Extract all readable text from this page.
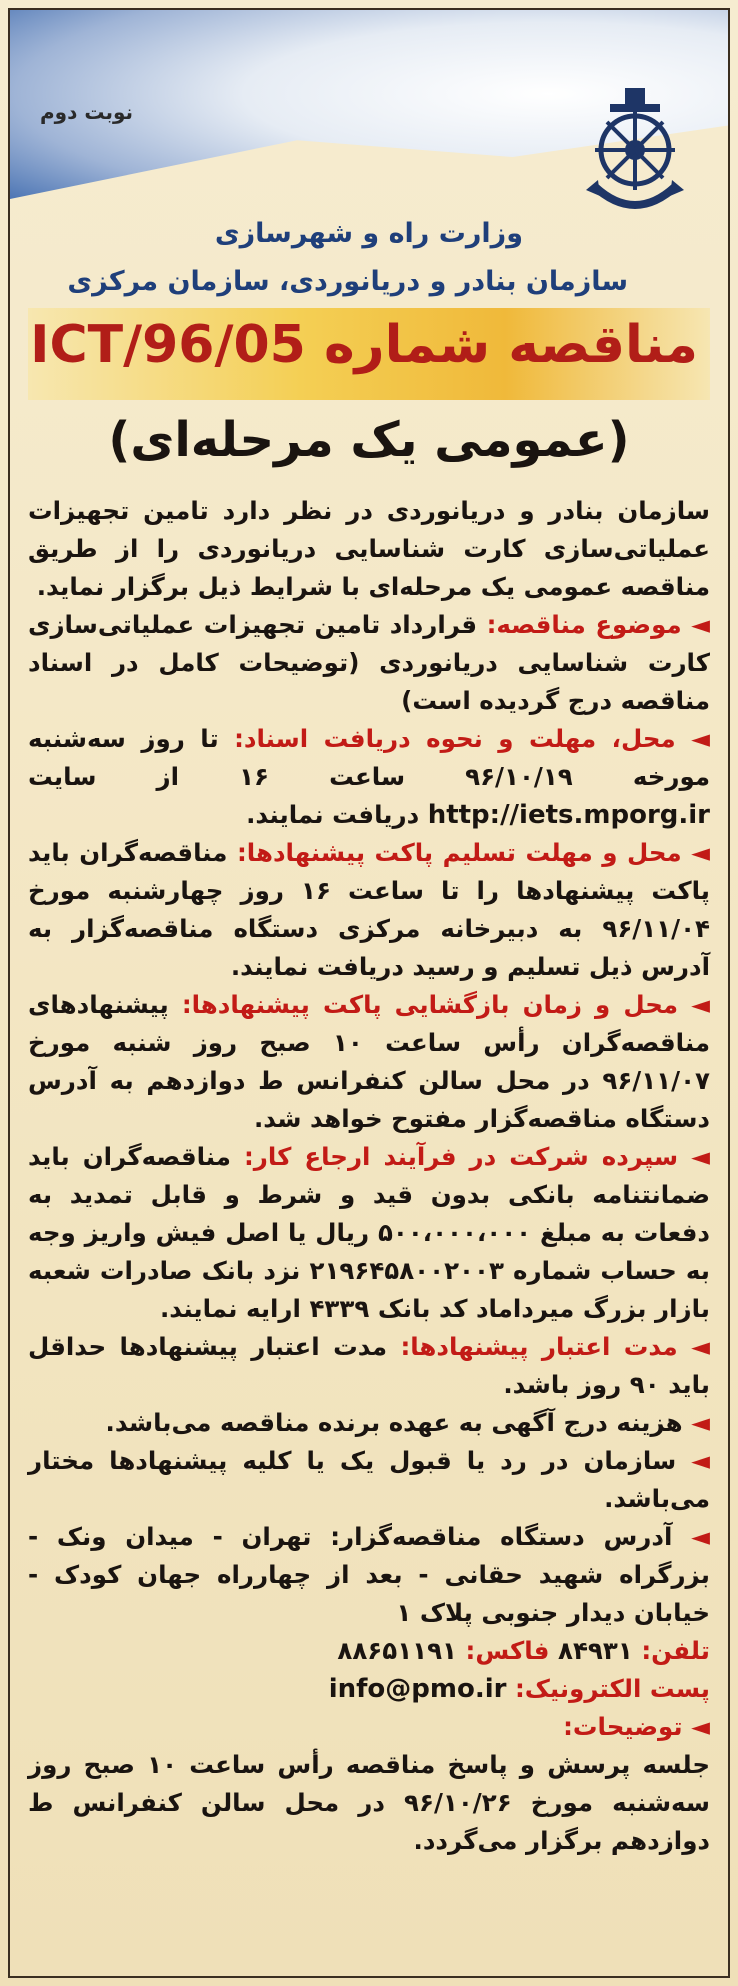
نوبت دوم
وزارت راه و شهرسازی
سازمان بنادر و دریانوردی، سازمان مرکزی
مناقصه شماره ICT/96/05
(عمومی یک مرحله‌ای)

سازمان بنادر و دریانوردی در نظر دارد تامین تجهیزات عملیاتی‌سازی کارت شناسایی دریانوردی را از طریق مناقصه عمومی یک مرحله‌ای با شرایط ذیل برگزار نماید.

◄ موضوع مناقصه: قرارداد تامین تجهیزات عملیاتی‌سازی کارت شناسایی دریانوردی (توضیحات کامل در اسناد مناقصه درج گردیده است)

◄ محل، مهلت و نحوه دریافت اسناد: تا روز سه‌شنبه مورخه ۹۶/۱۰/۱۹ ساعت ۱۶ از سایت http://iets.mporg.ir دریافت نمایند.

◄ محل و مهلت تسلیم پاکت پیشنهادها: مناقصه‌گران باید پاکت پیشنهادها را تا ساعت ۱۶ روز چهارشنبه مورخ ۹۶/۱۱/۰۴ به دبیرخانه مرکزی دستگاه مناقصه‌گزار به آدرس ذیل تسلیم و رسید دریافت نمایند.

◄ محل و زمان بازگشایی پاکت پیشنهادها: پیشنهادهای مناقصه‌گران رأس ساعت ۱۰ صبح روز شنبه مورخ ۹۶/۱۱/۰۷ در محل سالن کنفرانس ط دوازدهم به آدرس دستگاه مناقصه‌گزار مفتوح خواهد شد.

◄ سپرده شرکت در فرآیند ارجاع کار: مناقصه‌گران باید ضمانتنامه بانکی بدون قید و شرط و قابل تمدید به دفعات به مبلغ ۵۰۰،۰۰۰،۰۰۰ ریال یا اصل فیش واریز وجه به حساب شماره ۲۱۹۶۴۵۸۰۰۲۰۰۳ نزد بانک صادرات شعبه بازار بزرگ میرداماد کد بانک ۴۳۳۹ ارایه نمایند.

◄ مدت اعتبار پیشنهادها: مدت اعتبار پیشنهادها حداقل باید ۹۰ روز باشد.

◄ هزینه درج آگهی به عهده برنده مناقصه می‌باشد.

◄ سازمان در رد یا قبول یک یا کلیه پیشنهادها مختار می‌باشد.

◄ آدرس دستگاه مناقصه‌گزار: تهران - میدان ونک - بزرگراه شهید حقانی - بعد از چهارراه جهان کودک - خیابان دیدار جنوبی پلاک ۱

تلفن: ۸۴۹۳۱ فاکس: ۸۸۶۵۱۱۹۱

پست الکترونیک: info@pmo.ir

◄ توضیحات:

جلسه پرسش و پاسخ مناقصه رأس ساعت ۱۰ صبح روز سه‌شنبه مورخ ۹۶/۱۰/۲۶ در محل سالن کنفرانس ط دوازدهم برگزار می‌گردد.
